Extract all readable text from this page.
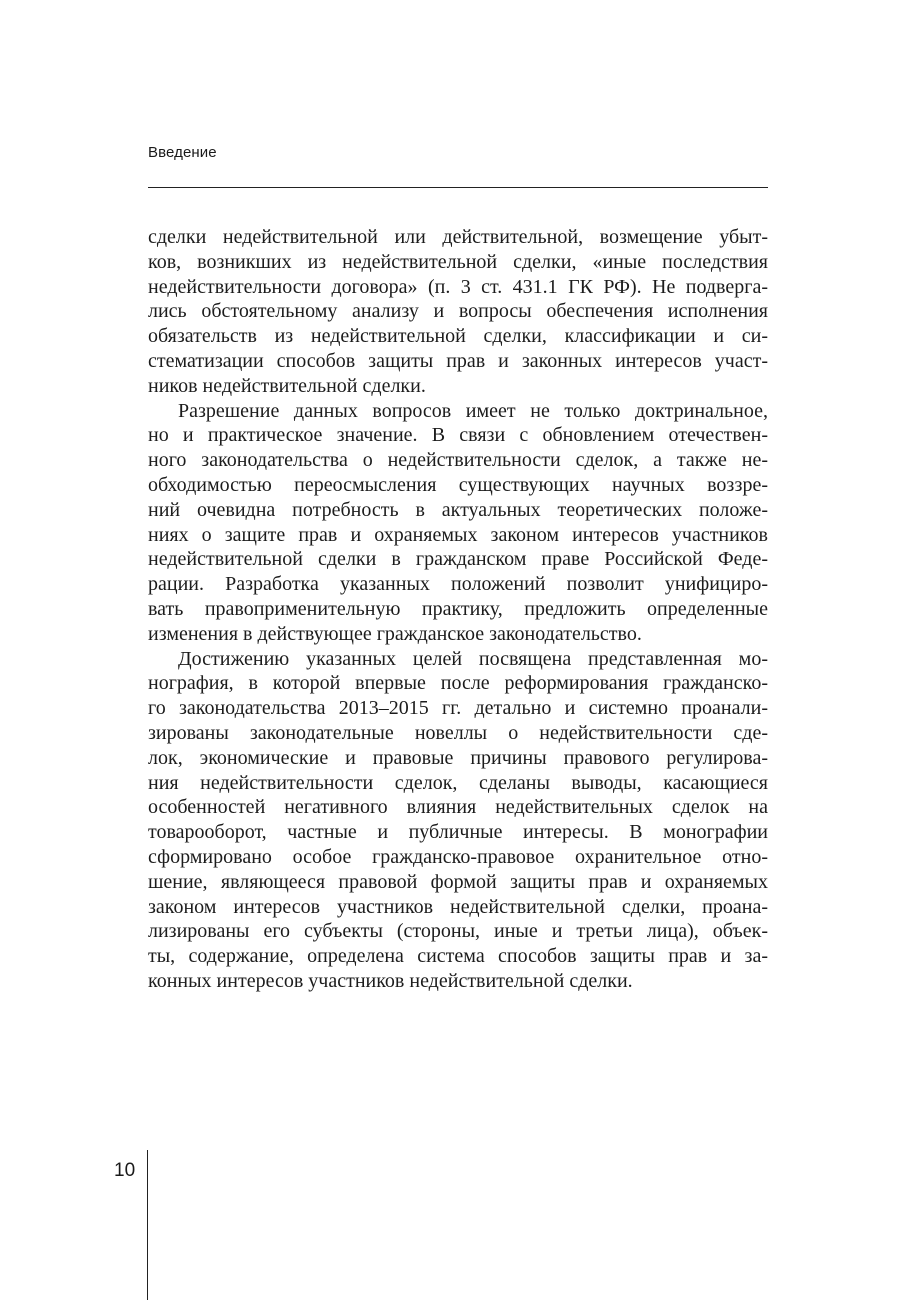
Введение

сделки недействительной или действительной, возмещение убыт-
ков, возникших из недействительной сделки, «иные последствия
недействительности договора» (п. 3 ст. 431.1 ГК РФ). Не подверга-
лись обстоятельному анализу и вопросы обеспечения исполнения
обязательств из недействительной сделки, классификации и си-
стематизации способов защиты прав и законных интересов участ-
ников недействительной сделки.

Разрешение данных вопросов имеет не только доктринальное,
но и практическое значение. В связи с обновлением отечествен-
ного законодательства о недействительности сделок, а также не-
обходимостью переосмысления существующих научных воззре-
ний очевидна потребность в актуальных теоретических положе-
ниях о защите прав и охраняемых законом интересов участников
недействительной сделки в гражданском праве Российской Феде-
рации. Разработка указанных положений позволит унифициро-
вать правоприменительную практику, предложить определенные
изменения в действующее гражданское законодательство.

Достижению указанных целей посвящена представленная мо-
нография, в которой впервые после реформирования гражданско-
го законодательства 2013–2015 гг. детально и системно проанали-
зированы законодательные новеллы о недействительности сде-
лок, экономические и правовые причины правового регулирова-
ния недействительности сделок, сделаны выводы, касающиеся
особенностей негативного влияния недействительных сделок на
товарооборот, частные и публичные интересы. В монографии
сформировано особое гражданско-правовое охранительное отно-
шение, являющееся правовой формой защиты прав и охраняемых
законом интересов участников недействительной сделки, проана-
лизированы его субъекты (стороны, иные и третьи лица), объек-
ты, содержание, определена система способов защиты прав и за-
конных интересов участников недействительной сделки.

10
